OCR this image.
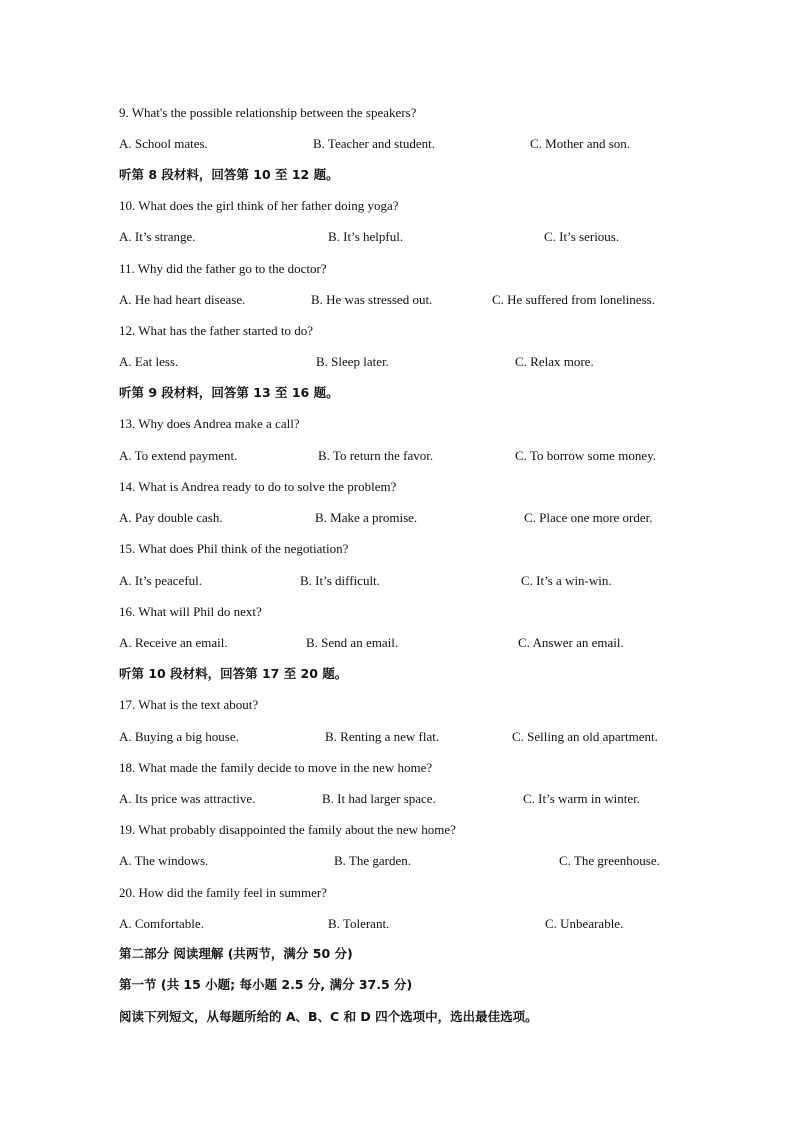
9. What's the possible relationship between the speakers?
A. School mates.	B. Teacher and student.	C. Mother and son.
听第 8 段材料，回答第 10 至 12 题。
10. What does the girl think of her father doing yoga?
A. It’s strange.	B. It’s helpful.	C. It’s serious.
11. Why did the father go to the doctor?
A. He had heart disease.	B. He was stressed out.	C. He suffered from loneliness.
12. What has the father started to do?
A. Eat less.	B. Sleep later.	C. Relax more.
听第 9 段材料，回答第 13 至 16 题。
13. Why does Andrea make a call?
A. To extend payment.	B. To return the favor.	C. To borrow some money.
14. What is Andrea ready to do to solve the problem?
A. Pay double cash.	B. Make a promise.	C. Place one more order.
15. What does Phil think of the negotiation?
A. It’s peaceful.	B. It’s difficult.	C. It’s a win-win.
16. What will Phil do next?
A. Receive an email.	B. Send an email.	C. Answer an email.
听第 10 段材料，回答第 17 至 20 题。
17. What is the text about?
A. Buying a big house.	B. Renting a new flat.	C. Selling an old apartment.
18. What made the family decide to move in the new home?
A. Its price was attractive.	B. It had larger space.	C. It’s warm in winter.
19. What probably disappointed the family about the new home?
A. The windows.	B. The garden.	C. The greenhouse.
20. How did the family feel in summer?
A. Comfortable.	B. Tolerant.	C. Unbearable.
第二部分 阅读理解 (共两节，满分 50 分)
第一节 (共 15 小题; 每小题 2.5 分, 满分 37.5 分)
阅读下列短文，从每题所给的 A、B、C 和 D 四个选项中，选出最佳选项。
